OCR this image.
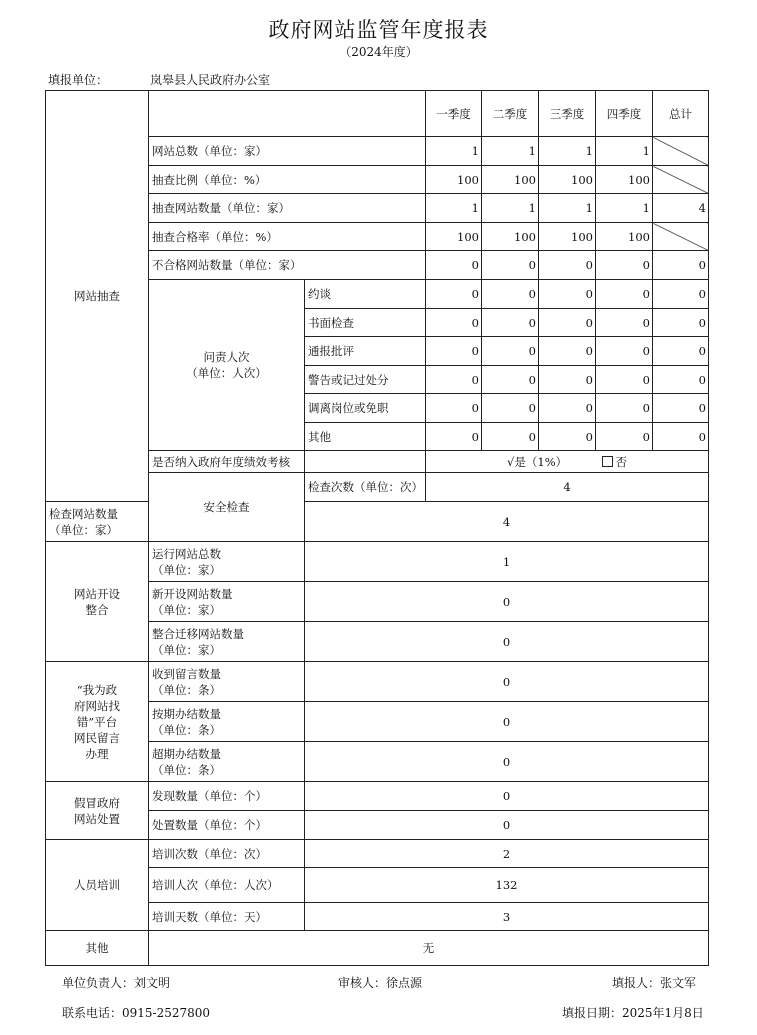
政府网站监管年度报表
（2024年度）
填报单位：	岚皋县人民政府办公室
网站抽查			一季度	二季度	三季度	四季度	总计
	网站总数（单位：家）		1	1	1	1	
	抽查比例（单位：%）		100	100	100	100	
	抽查网站数量（单位：家）		1	1	1	1	4
	抽查合格率（单位：%）		100	100	100	100	
	不合格网站数量（单位：家）		0	0	0	0	0
	问责人次
（单位：人次）	约谈	0	0	0	0	0
		书面检查	0	0	0	0	0
		通报批评	0	0	0	0	0
		警告或记过处分	0	0	0	0	0
		调离岗位或免职	0	0	0	0	0
		其他	0	0	0	0	0
	是否纳入政府年度绩效考核		√是（1%） 否				
	安全检查	检查次数（单位：次）	4				
检查网站数量
（单位：家）		4					
网站开设
整合	运行网站总数
（单位：家）	1					
	新开设网站数量
（单位：家）	0					
	整合迁移网站数量
（单位：家）	0					
“我为政
府网站找
错”平台
网民留言
办理	收到留言数量
（单位：条）	0					
	按期办结数量
（单位：条）	0					
	超期办结数量
（单位：条）	0					
假冒政府
网站处置	发现数量（单位：个）	0					
	处置数量（单位：个）	0					
人员培训	培训次数（单位：次）	2					
	培训人次（单位：人次）	132					
	培训天数（单位：天）	3					
其他	无						
单位负责人：刘文明	审核人：徐点源	填报人：张文军
联系电话：0915-2527800	填报日期：2025年1月8日
